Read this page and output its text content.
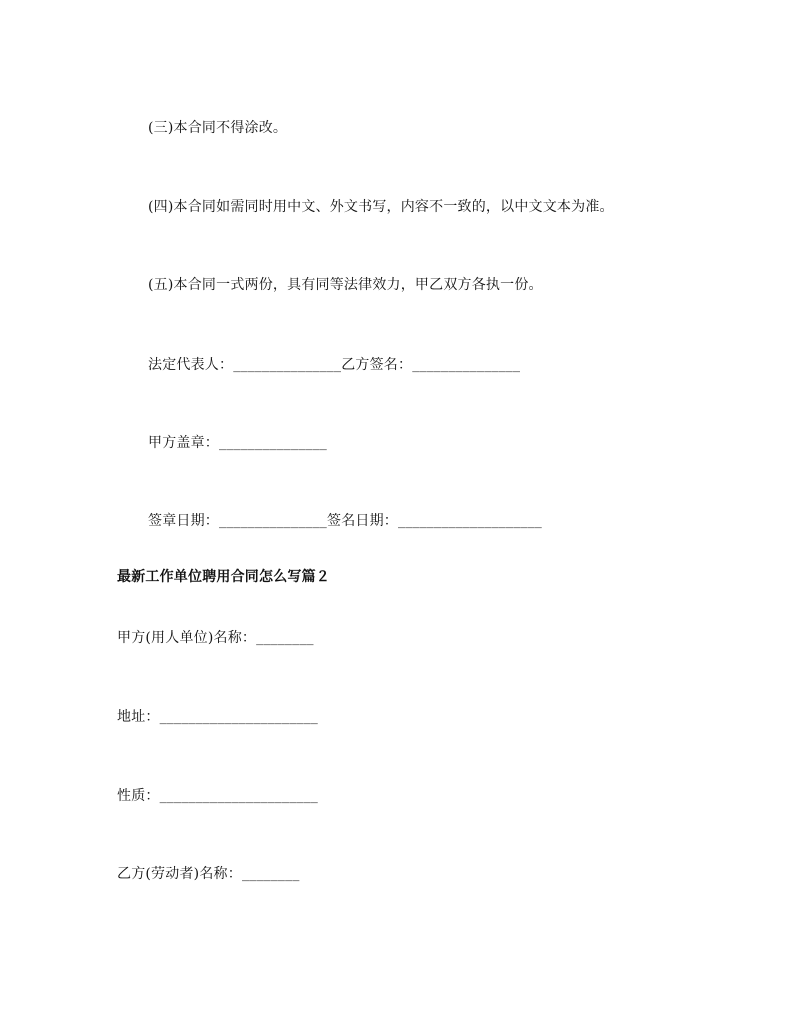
(三)本合同不得涂改。
(四)本合同如需同时用中文、外文书写，内容不一致的，以中文文本为准。
(五)本合同一式两份，具有同等法律效力，甲乙双方各执一份。
法定代表人：_______________乙方签名：_______________
甲方盖章：_______________
签章日期：_______________签名日期：____________________
最新工作单位聘用合同怎么写篇２
甲方(用人单位)名称：________
地址：______________________
性质：______________________
乙方(劳动者)名称：________
